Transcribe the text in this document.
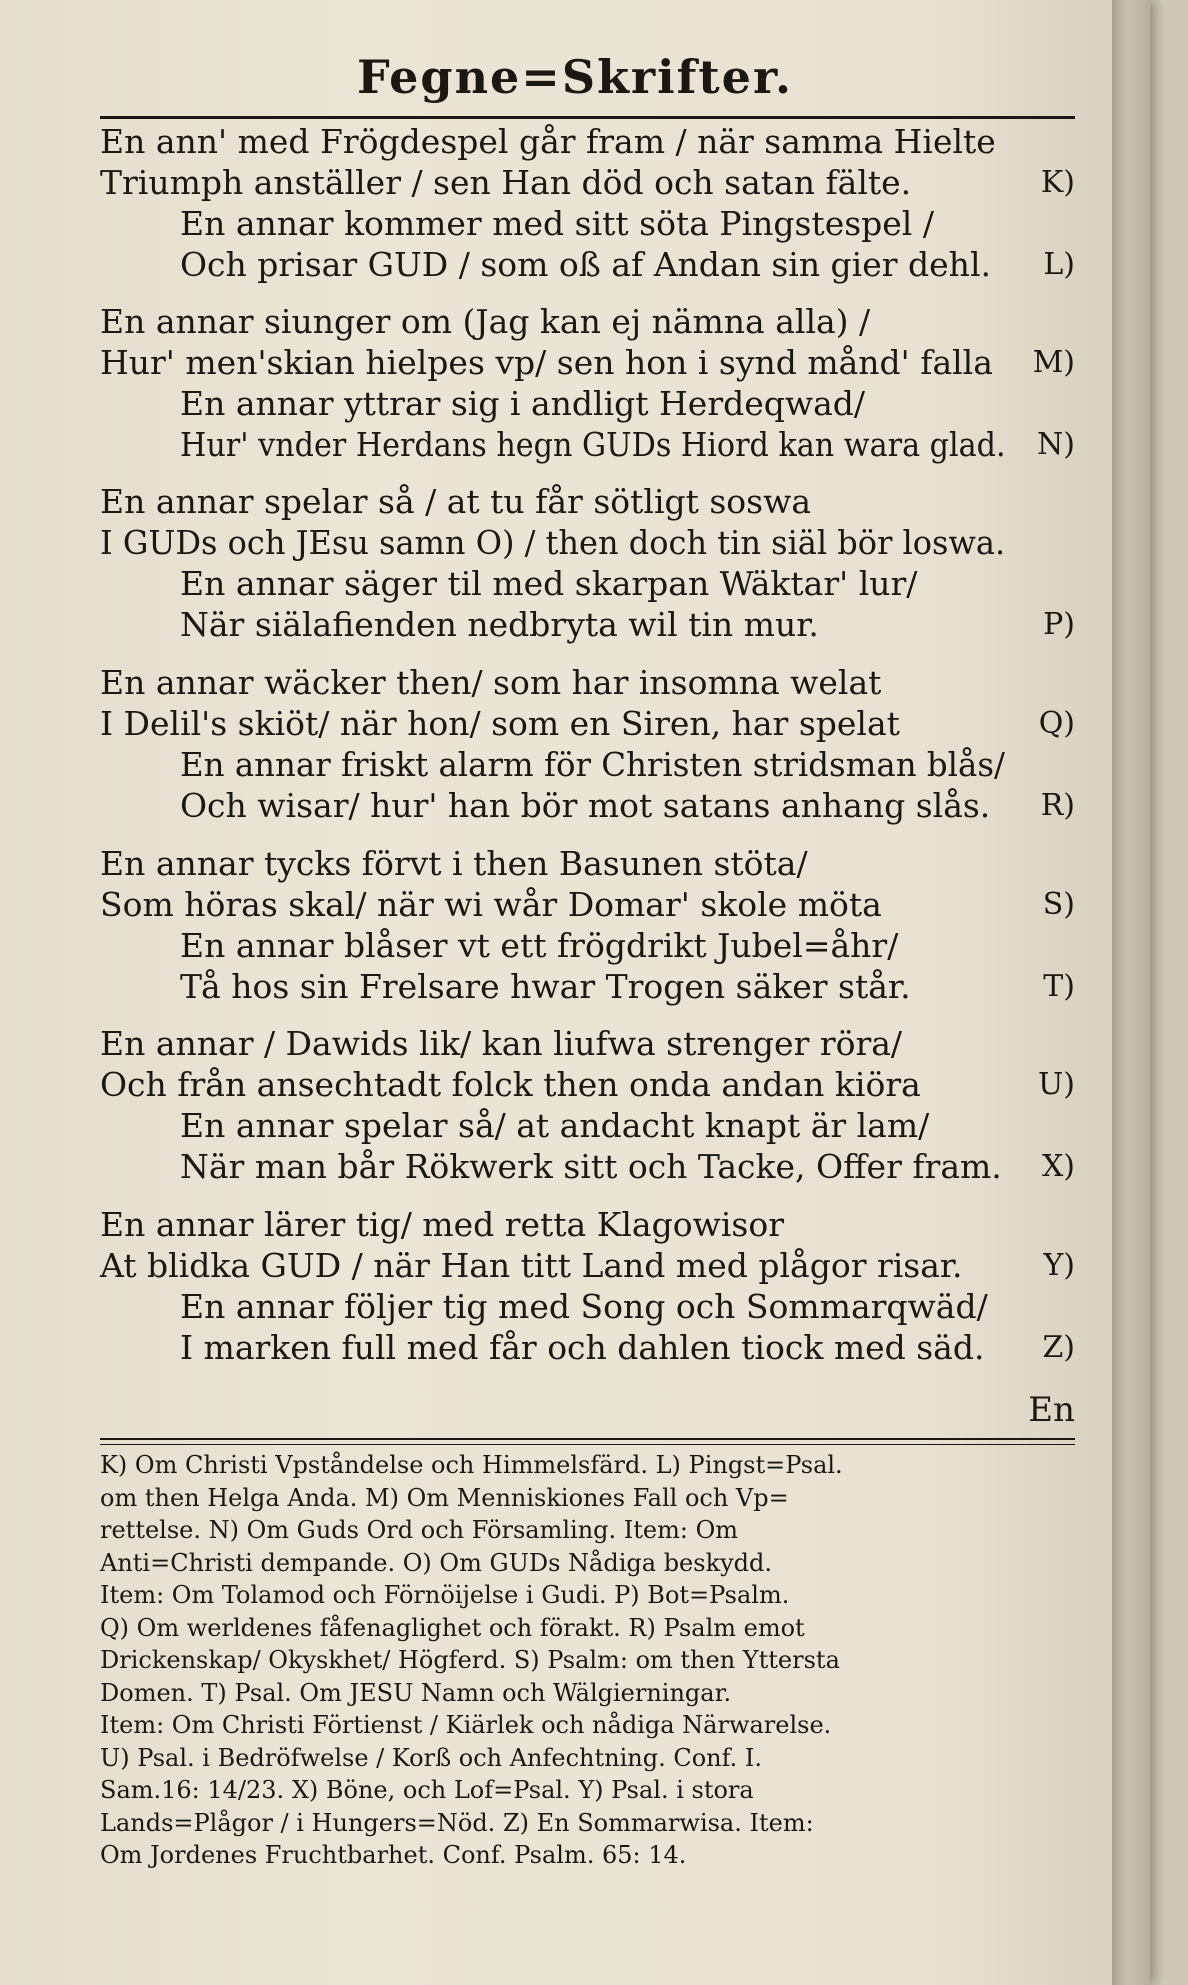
Fegne=Skrifter.
En ann' med Frögdespel går fram / när samma Hielte
Triumph anställer / sen Han död och satan fälte.	K)
En annar kommer med sitt söta Pingstespel /
Och prisar GUD / som oß af Andan sin gier dehl. L)
En annar siunger om (Jag kan ej nämna alla) /
Hur' men'skian hielpes vp/ sen hon i synd månd' falla M)
En annar yttrar sig i andligt Herdeqwad/
Hur' vnder Herdans hegn GUDs Hiord kan wara glad. N)
En annar spelar så / at tu får sötligt soswa
I GUDs och JEsu samn O) / then doch tin siäl bör loswa.
En annar säger til med skarpan Wäktar' lur/
När siälafienden nedbryta wil tin mur.	P)
En annar wäcker then/ som har insomna welat
I Delil's skiöt/ när hon/ som en Siren, har spelat	Q)
En annar friskt alarm för Christen stridsman blås/
Och wisar/ hur' han bör mot satans anhang slås. R)
En annar tycks förvt i then Basunen stöta/
Som höras skal/ när wi wår Domar' skole möta	S)
En annar blåser vt ett frögdrikt Jubel=åhr/
Tå hos sin Frelsare hwar Trogen säker står.	T)
En annar / Dawids lik/ kan liufwa strenger röra/
Och från ansechtadt folck then onda andan kiöra	U)
En annar spelar så/ at andacht knapt är lam/
När man bår Rökwerk sitt och Tacke, Offer fram. X)
En annar lärer tig/ med retta Klagowisor
At blidka GUD / när Han titt Land med plågor risar.	Y)
En annar följer tig med Song och Sommarqwäd/
I marken full med får och dahlen tiock med säd. Z)
En
K) Om Christi Vpståndelse och Himmelsfärd. L) Pingst=Psal.
om then Helga Anda. M) Om Menniskiones Fall och Vp=
rettelse. N) Om Guds Ord och Församling. Item: Om
Anti=Christi dempande. O) Om GUDs Nådiga beskydd.
Item: Om Tolamod och Förnöijelse i Gudi. P) Bot=Psalm.
Q) Om werldenes fåfenaglighet och förakt. R) Psalm emot
Drickenskap/ Okyskhet/ Högferd. S) Psalm: om then Yttersta
Domen. T) Psal. Om JESU Namn och Wälgierningar.
Item: Om Christi Förtienst / Kiärlek och nådiga Närwarelse.
U) Psal. i Bedröfwelse / Korß och Anfechtning. Conf. I.
Sam.16: 14/23. X) Böne, och Lof=Psal. Y) Psal. i stora
Lands=Plågor / i Hungers=Nöd. Z) En Sommarwisa. Item:
Om Jordenes Fruchtbarhet. Conf. Psalm. 65: 14.
